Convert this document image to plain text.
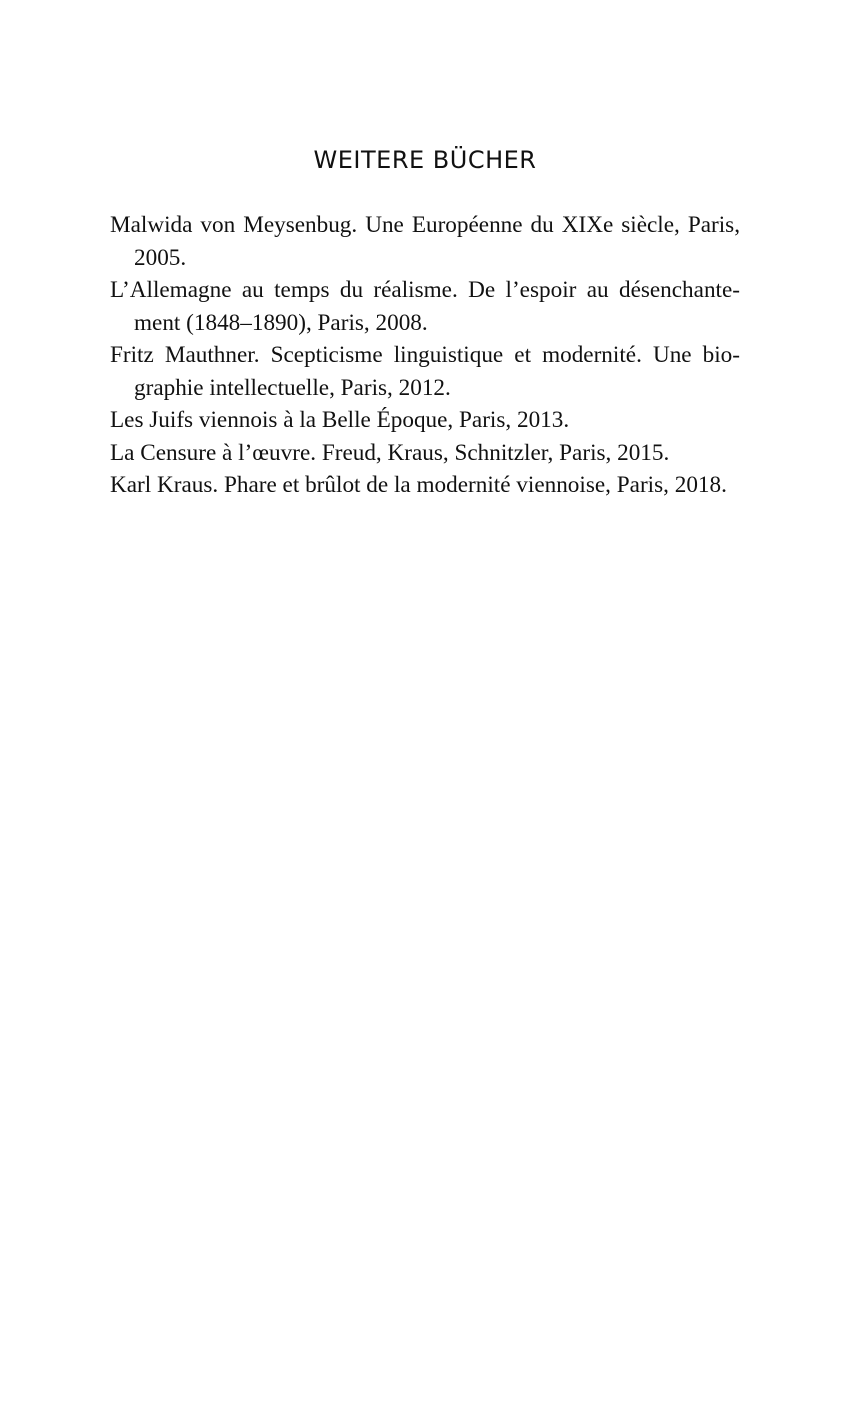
WEITERE BÜCHER
Malwida von Meysenbug. Une Européenne du XIXe siècle, Paris, 2005.
L’Allemagne au temps du réalisme. De l’espoir au désenchante-ment (1848–1890), Paris, 2008.
Fritz Mauthner. Scepticisme linguistique et modernité. Une bio-graphie intellectuelle, Paris, 2012.
Les Juifs viennois à la Belle Époque, Paris, 2013.
La Censure à l’œuvre. Freud, Kraus, Schnitzler, Paris, 2015.
Karl Kraus. Phare et brûlot de la modernité viennoise, Paris, 2018.
